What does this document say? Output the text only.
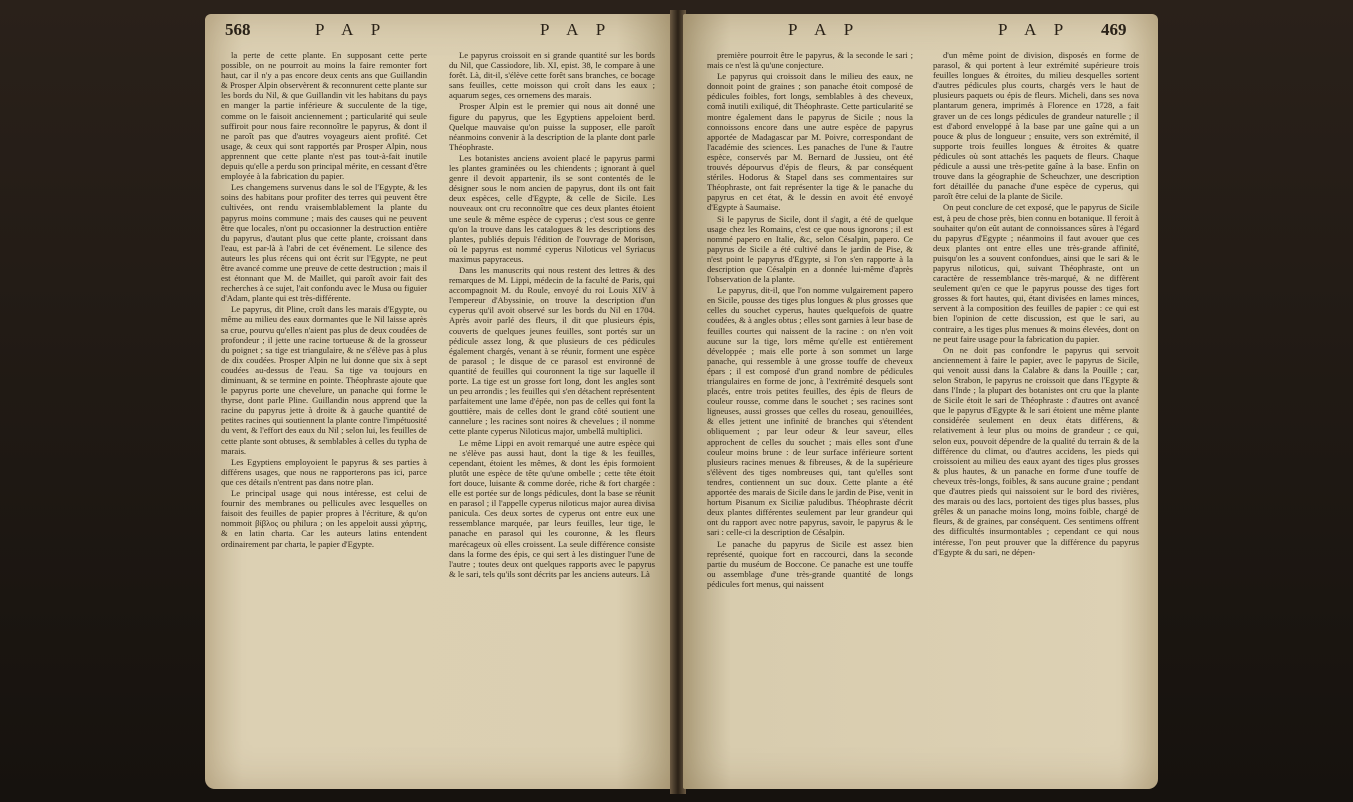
568	P A P	P A P

la perte de cette plante. En supposant cette perte possible, on ne pourroit au moins la faire remonter fort haut, car il n'y a pas encore deux cents ans que Guillandin & Prosper Alpin observèrent & reconnurent cette plante sur les bords du Nil, & que Guillandin vit les habitans du pays en manger la partie inférieure & succulente de la tige, comme on le faisoit anciennement ; particularité qui seule suffiroit pour nous faire reconnoître le papyrus, & dont il ne paroît pas que d'autres voyageurs aient profité. Cet usage, & ceux qui sont rapportés par Prosper Alpin, nous apprennent que cette plante n'est pas tout-à-fait inutile depuis qu'elle a perdu son principal mérite, en cessant d'être employée à la fabrication du papier.

Les changemens survenus dans le sol de l'Egypte, & les soins des habitans pour profiter des terres qui peuvent être cultivées, ont rendu vraisemblablement la plante du papyrus moins commune ; mais des causes qui ne peuvent être que locales, n'ont pu occasionner la destruction entière du papyrus, d'autant plus que cette plante, croissant dans l'eau, est par-là à l'abri de cet événement. Le silence des auteurs les plus récens qui ont écrit sur l'Egypte, ne peut être avancé comme une preuve de cette destruction ; mais il est étonnant que M. de Maillet, qui paroît avoir fait des recherches à ce sujet, l'ait confondu avec le Musa ou figuier d'Adam, plante qui est très-différente.

Le papyrus, dit Pline, croît dans les marais d'Egypte, ou même au milieu des eaux dormantes que le Nil laisse après sa crue, pourvu qu'elles n'aient pas plus de deux coudées de profondeur ; il jette une racine tortueuse & de la grosseur du poignet ; sa tige est triangulaire, & ne s'élève pas à plus de dix coudées. Prosper Alpin ne lui donne que six à sept coudées au-dessus de l'eau. Sa tige va toujours en diminuant, & se termine en pointe. Théophraste ajoute que le papyrus porte une chevelure, un panache qui forme le thyrse, dont parle Pline. Guillandin nous apprend que la racine du papyrus jette à droite & à gauche quantité de petites racines qui soutiennent la plante contre l'impétuosité du vent, & l'effort des eaux du Nil ; selon lui, les feuilles de cette plante sont obtuses, & semblables à celles du typha de marais.

Les Egyptiens employoient le papyrus & ses parties à différens usages, que nous ne rapporterons pas ici, parce que ces détails n'entrent pas dans notre plan.

Le principal usage qui nous intéresse, est celui de fournir des membranes ou pellicules avec lesquelles on faisoit des feuilles de papier propres à l'écriture, & qu'on nommoit βίβλος ou philura ; on les appeloit aussi χάρτης, & en latin charta. Car les auteurs latins entendent ordinairement par charta, le papier d'Egypte.

Le papyrus croissoit en si grande quantité sur les bords du Nil, que Cassiodore, lib. XI, epist. 38, le compare à une forêt. Là, dit-il, s'élève cette forêt sans branches, ce bocage sans feuilles, cette moisson qui croît dans les eaux ; aquarum seges, ces ornemens des marais.

Prosper Alpin est le premier qui nous ait donné une figure du papyrus, que les Egyptiens appeloient berd. Quelque mauvaise qu'on puisse la supposer, elle paroît néanmoins convenir à la description de la plante dont parle Théophraste.

Les botanistes anciens avoient placé le papyrus parmi les plantes graminées ou les chiendents ; ignorant à quel genre il devoit appartenir, ils se sont contentés de le désigner sous le nom ancien de papyrus, dont ils ont fait deux espèces, celle d'Egypte, & celle de Sicile. Les nouveaux ont cru reconnoître que ces deux plantes étoient une seule & même espèce de cyperus ; c'est sous ce genre qu'on la trouve dans les catalogues & les descriptions des plantes, publiés depuis l'édition de l'ouvrage de Morison, où le papyrus est nommé cyperus Niloticus vel Syriacus maximus papyraceus.

Dans les manuscrits qui nous restent des lettres & des remarques de M. Lippi, médecin de la faculté de Paris, qui accompagnoit M. du Roule, envoyé du roi Louis XIV à l'empereur d'Abyssinie, on trouve la description d'un cyperus qu'il avoit observé sur les bords du Nil en 1704. Après avoir parlé des fleurs, il dit que plusieurs épis, couverts de quelques jeunes feuilles, sont portés sur un pédicule assez long, & que plusieurs de ces pédicules également chargés, venant à se réunir, forment une espèce de parasol ; le disque de ce parasol est environné de quantité de feuilles qui couronnent la tige sur laquelle il porte. La tige est un grosse fort long, dont les angles sont un peu arrondis ; les feuilles qui s'en détachent représentent parfaitement une lame d'épée, non pas de celles qui font la gouttière, mais de celles dont le grand côté soutient une cannelure ; les racines sont noires & chevelues ; il nomme cette plante cyperus Niloticus major, umbellâ multiplici.

Le même Lippi en avoit remarqué une autre espèce qui ne s'élève pas aussi haut, dont la tige & les feuilles, cependant, étoient les mêmes, & dont les épis formoient plutôt une espèce de tête qu'une ombelle ; cette tête étoit fort douce, luisante & comme dorée, riche & fort chargée : elle est portée sur de longs pédicules, dont la base se réunit en parasol ; il l'appelle cyperus niloticus major aurea divisa panicula. Ces deux sortes de cyperus ont entre eux une ressemblance marquée, par leurs feuilles, leur tige, le panache en parasol qui les couronne, & les fleurs marécageux où elles croissent. La seule différence consiste dans la forme des épis, ce qui sert à les distinguer l'une de l'autre ; toutes deux ont quelques rapports avec le papyrus & le sari, tels qu'ils sont décrits par les anciens auteurs. Là

P A P	P A P 469

première pourroit être le papyrus, & la seconde le sari ; mais ce n'est là qu'une conjecture.

Le papyrus qui croissoit dans le milieu des eaux, ne donnoit point de graines ; son panache étoit composé de pédicules foibles, fort longs, semblables à des cheveux, comâ inutili exiliqué, dit Théophraste. Cette particularité se montre également dans le papyrus de Sicile ; nous la connoissons encore dans une autre espèce de papyrus apportée de Madagascar par M. Poivre, correspondant de l'académie des sciences. Les panaches de l'une & l'autre espèce, conservés par M. Bernard de Jussieu, ont été trouvés dépourvus d'épis de fleurs, & par conséquent stériles. Hodorus & Stapel dans ses commentaires sur Théophraste, ont fait représenter la tige & le panache du papyrus en cet état, & le dessin en avoit été envoyé d'Egypte à Saumaise.

Si le papyrus de Sicile, dont il s'agit, a été de quelque usage chez les Romains, c'est ce que nous ignorons ; il est nommé papero en Italie, &c, selon Césalpin, papero. Ce papyrus de Sicile a été cultivé dans le jardin de Pise, & n'est point le papyrus d'Egypte, si l'on s'en rapporte à la description que Césalpin en a donnée lui-même d'après l'observation de la plante.

Le papyrus, dit-il, que l'on nomme vulgairement papero en Sicile, pousse des tiges plus longues & plus grosses que celles du souchet cyperus, hautes quelquefois de quatre coudées, & à angles obtus ; elles sont garnies à leur base de feuilles courtes qui naissent de la racine : on n'en voit aucune sur la tige, lors même qu'elle est entièrement développée ; mais elle porte à son sommet un large panache, qui ressemble à une grosse touffe de cheveux épars ; il est composé d'un grand nombre de pédicules triangulaires en forme de jonc, à l'extrémité desquels sont placés, entre trois petites feuilles, des épis de fleurs de couleur rousse, comme dans le souchet ; ses racines sont ligneuses, aussi grosses que celles du roseau, genouillées, & elles jettent une infinité de branches qui s'étendent obliquement ; par leur odeur & leur saveur, elles approchent de celles du souchet ; mais elles sont d'une couleur moins brune : de leur surface inférieure sortent plusieurs racines menues & fibreuses, & de la supérieure s'élèvent des tiges nombreuses qui, tant qu'elles sont tendres, contiennent un suc doux. Cette plante a été apportée des marais de Sicile dans le jardin de Pise, venit in hortum Pisanum ex Siciliæ paludibus. Théophraste décrit deux plantes différentes seulement par leur grandeur qui ont du rapport avec notre papyrus, savoir, le papyrus & le sari : celle-ci la description de Césalpin.

Le panache du papyrus de Sicile est assez bien représenté, quoique fort en raccourci, dans la seconde partie du muséum de Boccone. Ce panache est une touffe ou assemblage d'une très-grande quantité de longs pédicules fort menus, qui naissent

d'un même point de division, disposés en forme de parasol, & qui portent à leur extrémité supérieure trois feuilles longues & étroites, du milieu desquelles sortent d'autres pédicules plus courts, chargés vers le haut de plusieurs paquets ou épis de fleurs. Micheli, dans ses nova plantarum genera, imprimés à Florence en 1728, a fait graver un de ces longs pédicules de grandeur naturelle ; il est d'abord enveloppé à la base par une gaîne qui a un pouce & plus de longueur ; ensuite, vers son extrémité, il supporte trois feuilles longues & étroites & quatre pédicules où sont attachés les paquets de fleurs. Chaque pédicule a aussi une très-petite gaîne à la base. Enfin on trouve dans la géographie de Scheuchzer, une description fort détaillée du panache d'une espèce de cyperus, qui paroît être celui de la plante de Sicile.

On peut conclure de cet exposé, que le papyrus de Sicile est, à peu de chose près, bien connu en botanique. Il feroit à souhaiter qu'on eût autant de connoissances sûres à l'égard du papyrus d'Egypte ; néanmoins il faut avouer que ces deux plantes ont entre elles une très-grande affinité, puisqu'on les a souvent confondues, ainsi que le sari & le papyrus niloticus, qui, suivant Théophraste, ont un caractère de ressemblance très-marqué, & ne diffèrent seulement qu'en ce que le papyrus pousse des tiges fort grosses & fort hautes, qui, étant divisées en lames minces, servent à la composition des feuilles de papier : ce qui est bien l'opinion de cette discussion, est que le sari, au contraire, a les tiges plus menues & moins élevées, dont on ne peut faire usage pour la fabrication du papier.

On ne doit pas confondre le papyrus qui servoit anciennement à faire le papier, avec le papyrus de Sicile, qui venoit aussi dans la Calabre & dans la Pouille ; car, selon Strabon, le papyrus ne croissoit que dans l'Egypte & dans l'Inde ; la plupart des botanistes ont cru que la plante de Sicile étoit le sari de Théophraste : d'autres ont avancé que le papyrus d'Egypte & le sari étoient une même plante considérée seulement en deux états différens, & relativement à leur plus ou moins de grandeur ; ce qui, selon eux, pouvoit dépendre de la qualité du terrain & de la différence du climat, ou d'autres accidens, les pieds qui croissoient au milieu des eaux ayant des tiges plus grosses & plus hautes, & un panache en forme d'une touffe de cheveux très-longs, foibles, & sans aucune graine ; pendant que d'autres pieds qui naissoient sur le bord des rivières, des marais ou des lacs, portoient des tiges plus basses, plus grêles & un panache moins long, moins foible, chargé de fleurs, & de graines, par conséquent. Ces sentimens offrent des difficultés insurmontables ; cependant ce qui nous intéresse, l'on peut prouver que la différence du papyrus d'Egypte & du sari, ne dépen-
